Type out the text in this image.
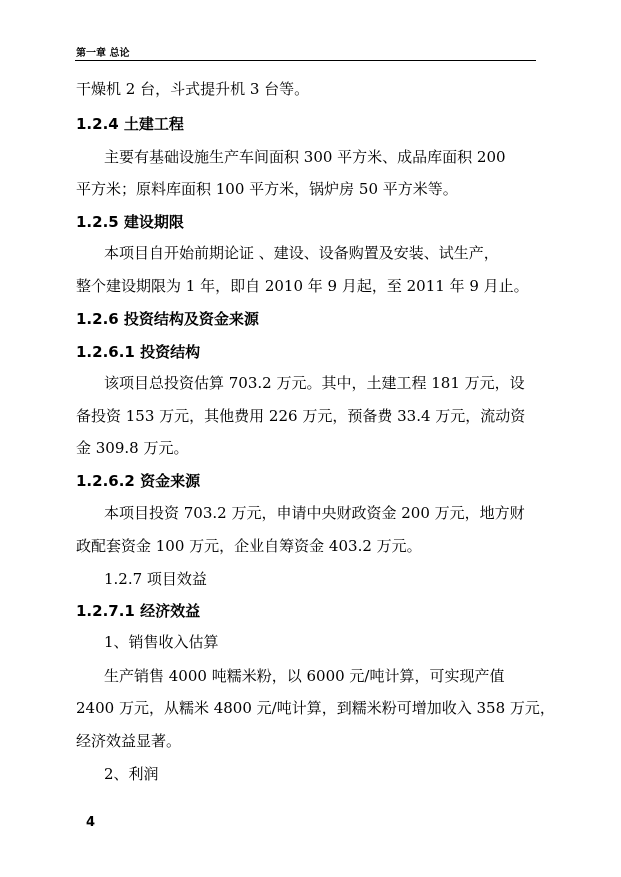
第一章 总论
干燥机 2 台，斗式提升机 3 台等。
1.2.4 土建工程
主要有基础设施生产车间面积 300 平方米、成品库面积 200
平方米；原料库面积 100 平方米，锅炉房 50 平方米等。
1.2.5 建设期限
本项目自开始前期论证 、建设、设备购置及安装、试生产，
整个建设期限为 1 年，即自 2010 年 9 月起，至 2011 年 9 月止。
1.2.6 投资结构及资金来源
1.2.6.1 投资结构
该项目总投资估算 703.2 万元。其中，土建工程 181 万元，设
备投资 153 万元，其他费用 226 万元，预备费 33.4 万元，流动资
金 309.8 万元。
1.2.6.2 资金来源
本项目投资 703.2 万元，申请中央财政资金 200 万元，地方财
政配套资金 100 万元，企业自筹资金 403.2 万元。
1.2.7 项目效益
1.2.7.1 经济效益
1、销售收入估算
生产销售 4000 吨糯米粉，以 6000 元/吨计算，可实现产值
2400 万元，从糯米 4800 元/吨计算，到糯米粉可增加收入 358 万元，
经济效益显著。
2、利润
4
